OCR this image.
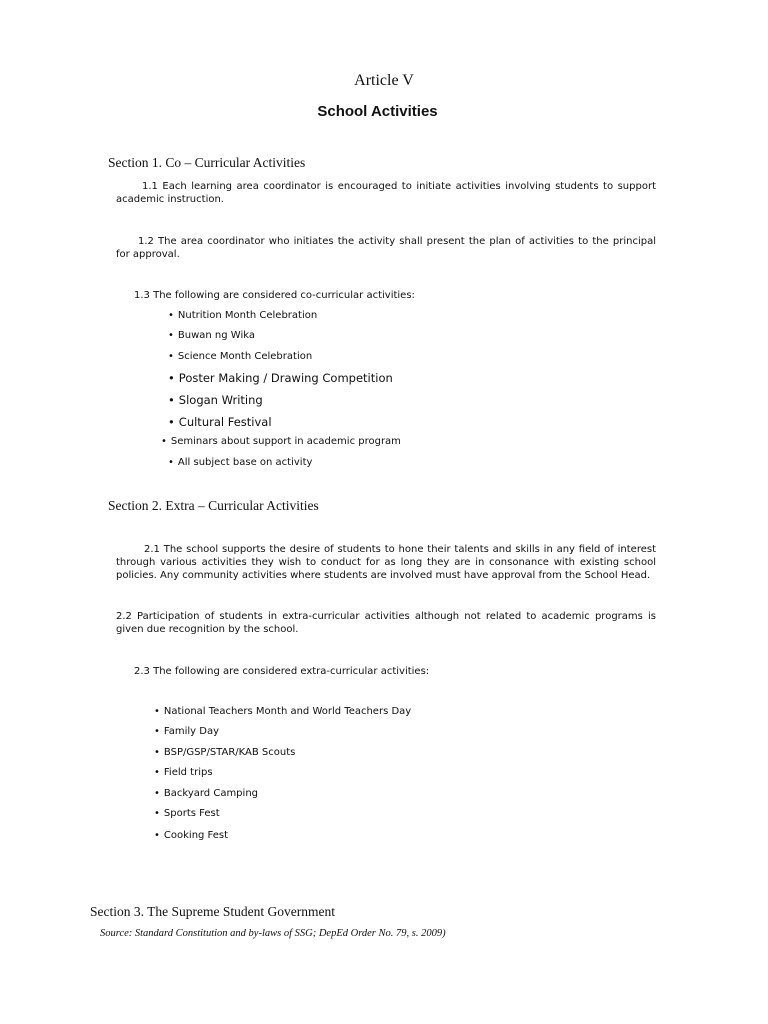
Article V
School Activities
Section 1. Co – Curricular Activities
1.1 Each learning area coordinator is encouraged to initiate activities involving students to support academic instruction.
1.2 The area coordinator who initiates the activity shall present the plan of activities to the principal for approval.
1.3 The following are considered co-curricular activities:
• Nutrition Month Celebration
• Buwan ng Wika
• Science Month Celebration
• Poster Making / Drawing Competition
• Slogan Writing
• Cultural Festival
• Seminars about support in academic program
• All subject base on activity
Section 2. Extra – Curricular Activities
2.1 The school supports the desire of students to hone their talents and skills in any field of interest through various activities they wish to conduct for as long they are in consonance with existing school policies. Any community activities where students are involved must have approval from the School Head.
2.2 Participation of students in extra-curricular activities although not related to academic programs is given due recognition by the school.
2.3 The following are considered extra-curricular activities:
• National Teachers Month and World Teachers Day
• Family Day
• BSP/GSP/STAR/KAB Scouts
• Field trips
• Backyard Camping
• Sports Fest
• Cooking Fest
Section 3. The Supreme Student Government
Source: Standard Constitution and by-laws of SSG; DepEd Order No. 79, s. 2009)
